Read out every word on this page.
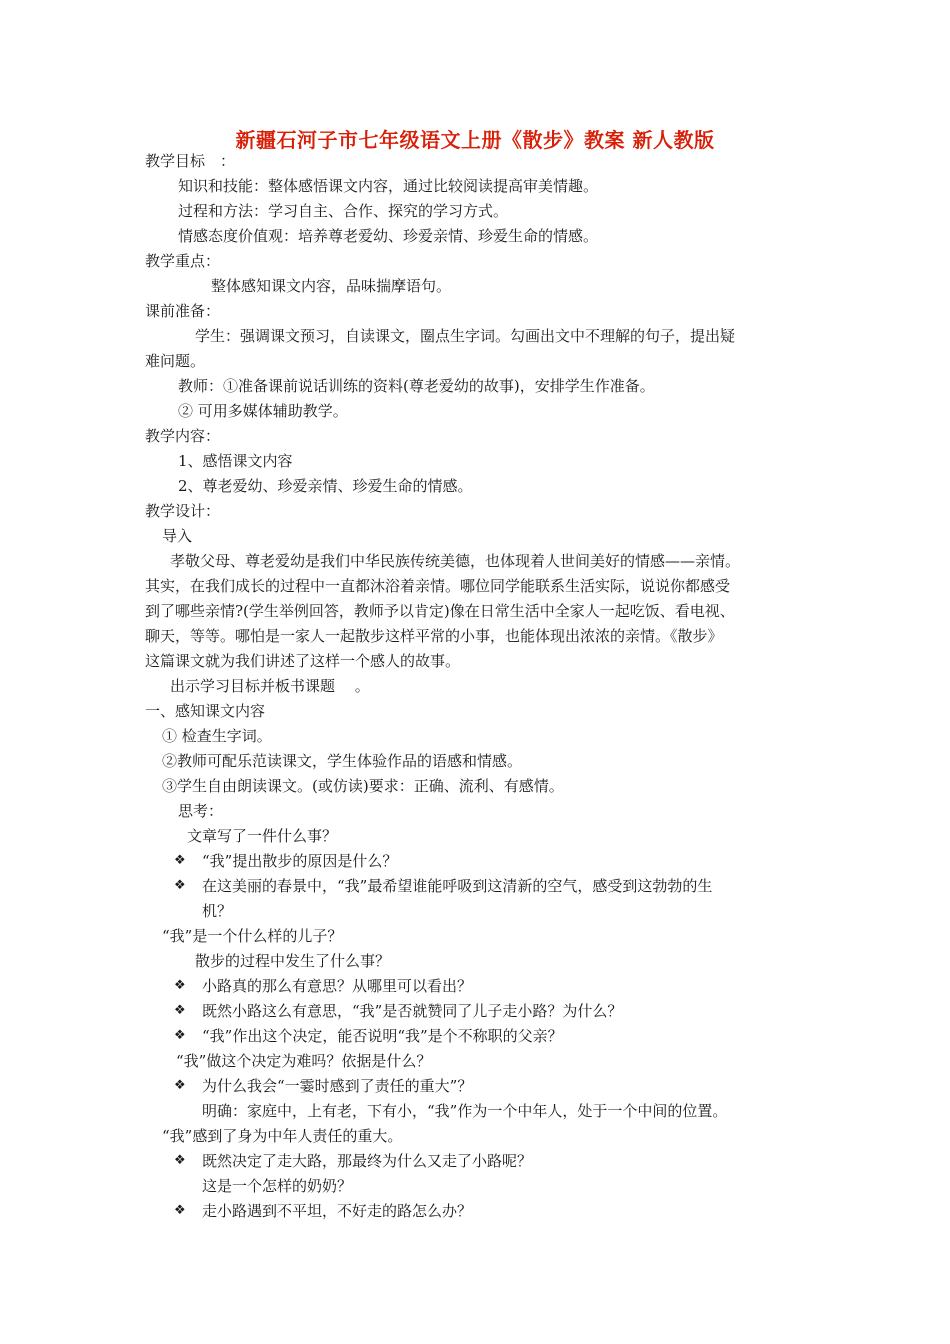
新疆石河子市七年级语文上册《散步》教案 新人教版
教学目标　：
知识和技能：整体感悟课文内容，通过比较阅读提高审美情趣。
过程和方法：学习自主、合作、探究的学习方式。
情感态度价值观：培养尊老爱幼、珍爱亲情、珍爱生命的情感。
教学重点：
整体感知课文内容，品味揣摩语句。
课前准备：
学生：强调课文预习，自读课文，圈点生字词。勾画出文中不理解的句子，提出疑
难问题。
教师：①准备课前说话训练的资料(尊老爱幼的故事)，安排学生作准备。
② 可用多媒体辅助教学。
教学内容：
1、感悟课文内容
2、尊老爱幼、珍爱亲情、珍爱生命的情感。
教学设计：
导入
孝敬父母、尊老爱幼是我们中华民族传统美德，也体现着人世间美好的情感——亲情。
其实，在我们成长的过程中一直都沐浴着亲情。哪位同学能联系生活实际，说说你都感受
到了哪些亲情?(学生举例回答，教师予以肯定)像在日常生活中全家人一起吃饭、看电视、
聊天，等等。哪怕是一家人一起散步这样平常的小事，也能体现出浓浓的亲情。《散步》
这篇课文就为我们讲述了这样一个感人的故事。
出示学习目标并板书课题　 。
一、感知课文内容
① 检查生字词。
②教师可配乐范读课文，学生体验作品的语感和情感。
③学生自由朗读课文。(或仿读)要求：正确、流利、有感情。
思考：
文章写了一件什么事？
❖ “我”提出散步的原因是什么？
❖ 在这美丽的春景中，“我”最希望谁能呼吸到这清新的空气，感受到这勃勃的生
机？
“我”是一个什么样的儿子？
散步的过程中发生了什么事？
❖ 小路真的那么有意思？从哪里可以看出？
❖ 既然小路这么有意思，“我”是否就赞同了儿子走小路？为什么？
❖ “我”作出这个决定，能否说明“我”是个不称职的父亲？
“我”做这个决定为难吗？依据是什么？
❖ 为什么我会“一霎时感到了责任的重大”？
明确：家庭中，上有老，下有小，“我”作为一个中年人，处于一个中间的位置。
“我”感到了身为中年人责任的重大。
❖ 既然决定了走大路，那最终为什么又走了小路呢？
这是一个怎样的奶奶？
❖ 走小路遇到不平坦，不好走的路怎么办？
